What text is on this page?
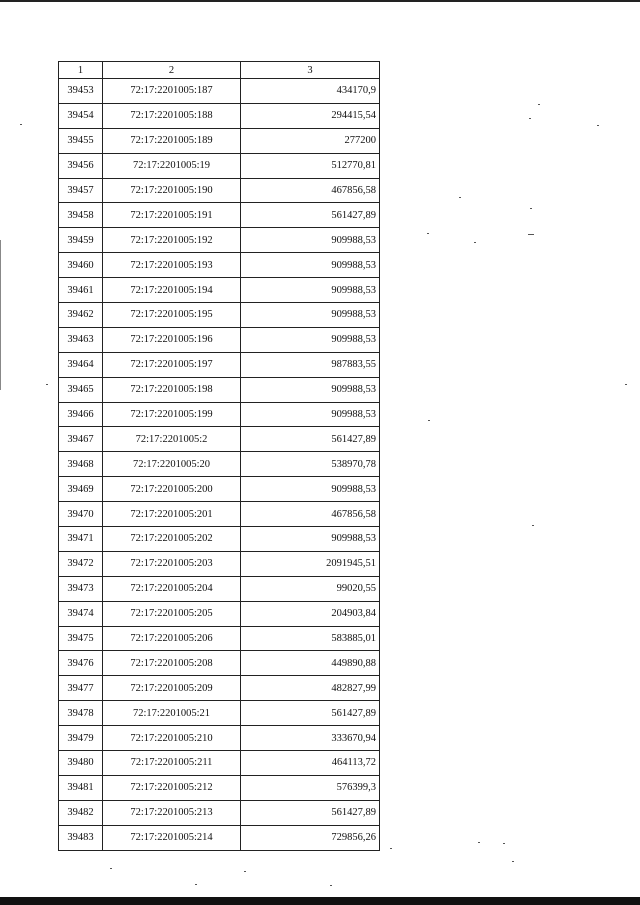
1	2	3
39453	72:17:2201005:187	434170,9
39454	72:17:2201005:188	294415,54
39455	72:17:2201005:189	277200
39456	72:17:2201005:19	512770,81
39457	72:17:2201005:190	467856,58
39458	72:17:2201005:191	561427,89
39459	72:17:2201005:192	909988,53
39460	72:17:2201005:193	909988,53
39461	72:17:2201005:194	909988,53
39462	72:17:2201005:195	909988,53
39463	72:17:2201005:196	909988,53
39464	72:17:2201005:197	987883,55
39465	72:17:2201005:198	909988,53
39466	72:17:2201005:199	909988,53
39467	72:17:2201005:2	561427,89
39468	72:17:2201005:20	538970,78
39469	72:17:2201005:200	909988,53
39470	72:17:2201005:201	467856,58
39471	72:17:2201005:202	909988,53
39472	72:17:2201005:203	2091945,51
39473	72:17:2201005:204	99020,55
39474	72:17:2201005:205	204903,84
39475	72:17:2201005:206	583885,01
39476	72:17:2201005:208	449890,88
39477	72:17:2201005:209	482827,99
39478	72:17:2201005:21	561427,89
39479	72:17:2201005:210	333670,94
39480	72:17:2201005:211	464113,72
39481	72:17:2201005:212	576399,3
39482	72:17:2201005:213	561427,89
39483	72:17:2201005:214	729856,26
